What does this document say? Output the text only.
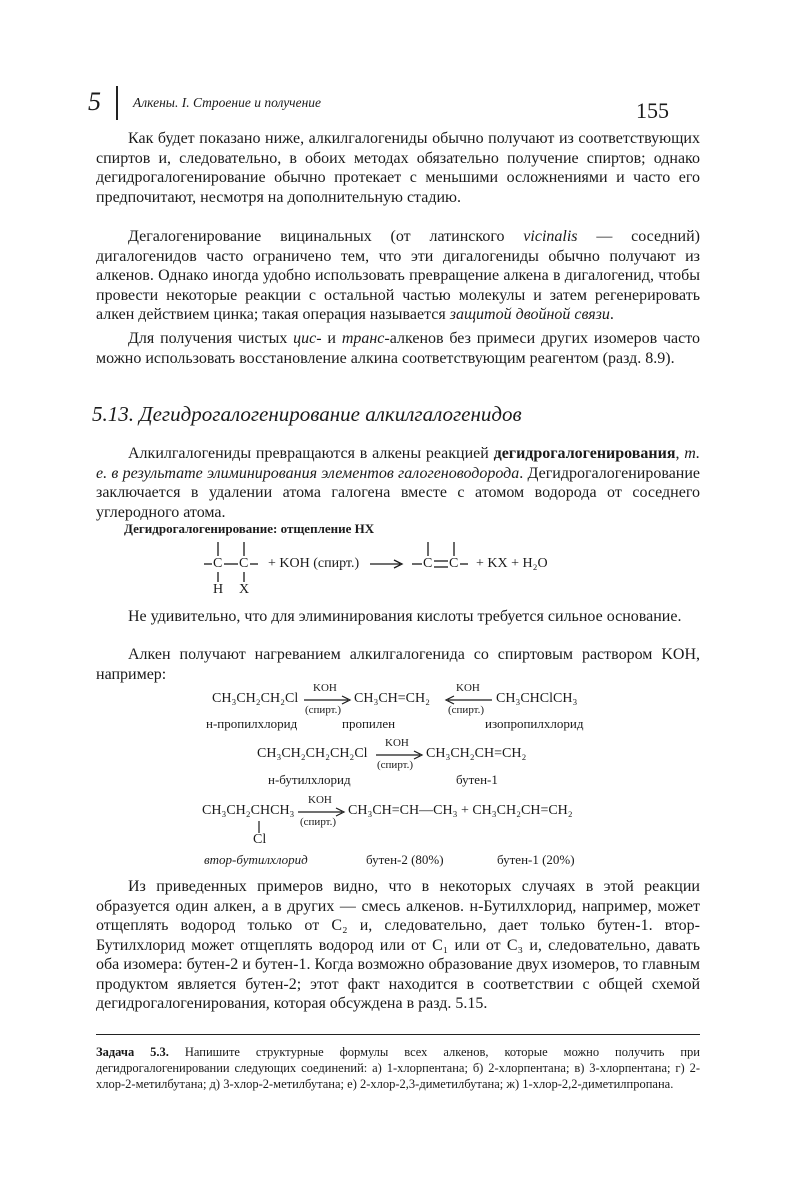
5 Алкены. I. Строение и получение	155
Как будет показано ниже, алкилгалогениды обычно получают из соответствующих спиртов и, следовательно, в обоих методах обязательно получение спиртов; однако дегидрогалогенирование обычно протекает с меньшими осложнениями и часто его предпочитают, несмотря на дополнительную стадию.
Дегалогенирование вицинальных (от латинского vicinalis — соседний) дигалогенидов часто ограничено тем, что эти дигалогениды обычно получают из алкенов. Однако иногда удобно использовать превращение алкена в дигалогенид, чтобы провести некоторые реакции с остальной частью молекулы и затем регенерировать алкен действием цинка; такая операция называется защитой двойной связи.
Для получения чистых цис- и транс-алкенов без примеси других изомеров часто можно использовать восстановление алкина соответствующим реагентом (разд. 8.9).
5.13. Дегидрогалогенирование алкилгалогенидов
Алкилгалогениды превращаются в алкены реакцией дегидрогалогенирования, т. е. в результате элиминирования элементов галогеноводорода. Дегидрогалогенирование заключается в удалении атома галогена вместе с атомом водорода от соседнего углеродного атома.
Дегидрогалогенирование: отщепление HX
C C + KOH (спирт.)
H X
C C + KX + H₂O
Не удивительно, что для элиминирования кислоты требуется сильное основание.
Алкен получают нагреванием алкилгалогенида со спиртовым раствором KOH, например:
CH₃CH₂CH₂Cl
KOH
(спирт.)
CH₃CH=CH₂
KOH
(спирт.)
CH₃CHClCH₃
н-пропилхлорид	пропилен	изопропилхлорид
CH₃CH₂CH₂CH₂Cl
KOH
(спирт.)
CH₃CH₂CH=CH₂
н-бутилхлорид	бутен-1
CH₃CH₂CHCH₃
Cl
KOH
(спирт.)
CH₃CH=CH—CH₃ + CH₃CH₂CH=CH₂
втор-бутилхлорид	бутен-2 (80%)	бутен-1 (20%)
Из приведенных примеров видно, что в некоторых случаях в этой реакции образуется один алкен, а в других — смесь алкенов. н-Бутилхлорид, например, может отщеплять водород только от C₂ и, следовательно, дает только бутен-1. втор-Бутилхлорид может отщеплять водород или от C₁ или от C₃ и, следовательно, давать оба изомера: бутен-2 и бутен-1. Когда возможно образование двух изомеров, то главным продуктом является бутен-2; этот факт находится в соответствии с общей схемой дегидрогалогенирования, которая обсуждена в разд. 5.15.
Задача 5.3. Напишите структурные формулы всех алкенов, которые можно получить при дегидрогалогенировании следующих соединений: а) 1-хлорпентана; б) 2-хлорпентана; в) 3-хлорпентана; г) 2-хлор-2-метилбутана; д) 3-хлор-2-метилбутана; е) 2-хлор-2,3-диметилбутана; ж) 1-хлор-2,2-диметилпропана.
